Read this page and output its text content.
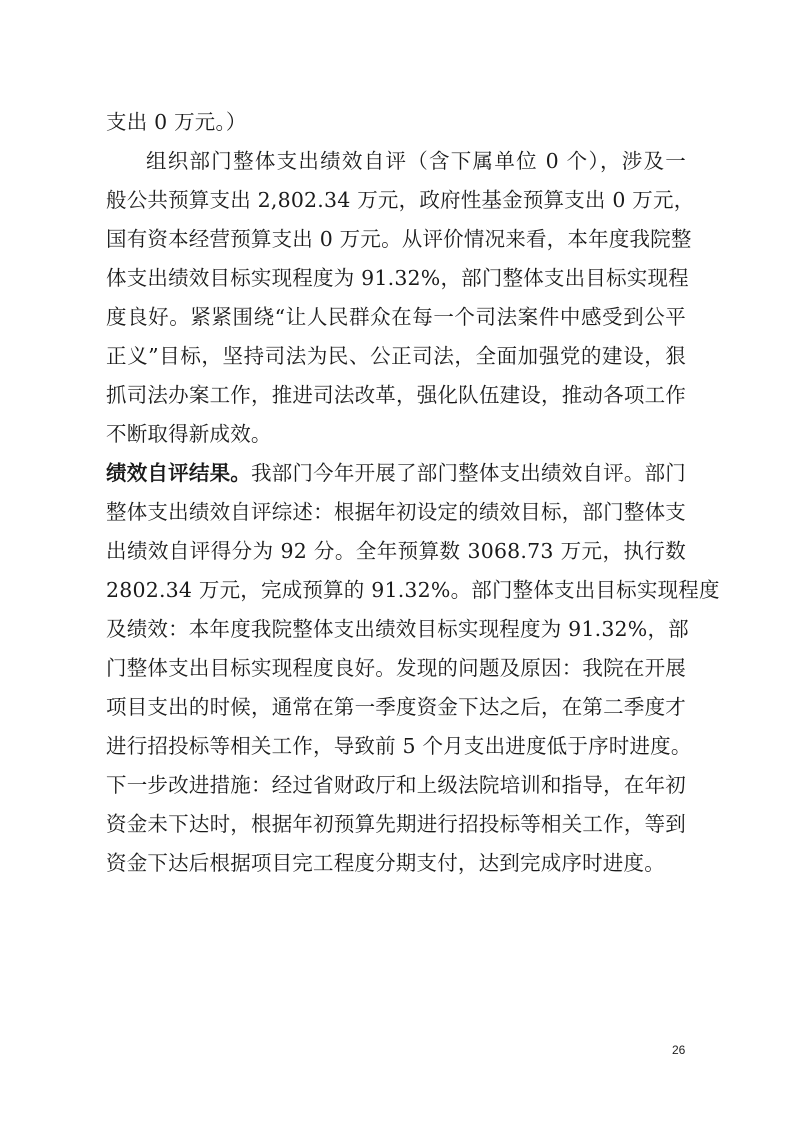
支出 0 万元。）
组织部门整体支出绩效自评（含下属单位 0 个），涉及一
般公共预算支出 2,802.34 万元，政府性基金预算支出 0 万元，
国有资本经营预算支出 0 万元。从评价情况来看，本年度我院整
体支出绩效目标实现程度为 91.32%，部门整体支出目标实现程
度良好。紧紧围绕“让人民群众在每一个司法案件中感受到公平
正义”目标，坚持司法为民、公正司法，全面加强党的建设，狠
抓司法办案工作，推进司法改革，强化队伍建设，推动各项工作
不断取得新成效。
绩效自评结果。我部门今年开展了部门整体支出绩效自评。部门
整体支出绩效自评综述：根据年初设定的绩效目标，部门整体支
出绩效自评得分为 92 分。全年预算数 3068.73 万元，执行数
2802.34 万元，完成预算的 91.32%。部门整体支出目标实现程度
及绩效：本年度我院整体支出绩效目标实现程度为 91.32%，部
门整体支出目标实现程度良好。发现的问题及原因：我院在开展
项目支出的时候，通常在第一季度资金下达之后，在第二季度才
进行招投标等相关工作，导致前 5 个月支出进度低于序时进度。
下一步改进措施：经过省财政厅和上级法院培训和指导，在年初
资金未下达时，根据年初预算先期进行招投标等相关工作，等到
资金下达后根据项目完工程度分期支付，达到完成序时进度。
26
